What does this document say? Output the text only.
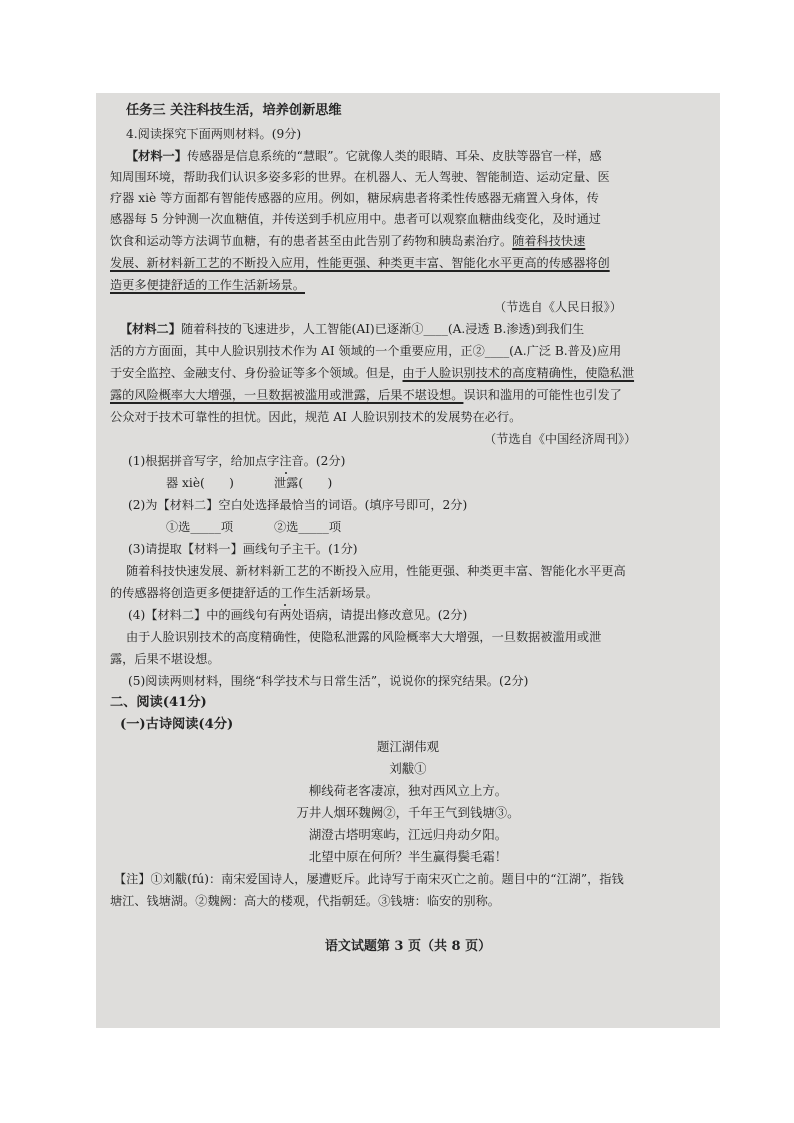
任务三 关注科技生活，培养创新思维
4.阅读探究下面两则材料。(9分)
【材料一】传感器是信息系统的“慧眼”。它就像人类的眼睛、耳朵、皮肤等器官一样，感
知周围环境，帮助我们认识多姿多彩的世界。在机器人、无人驾驶、智能制造、运动定量、医
疗器 xiè 等方面都有智能传感器的应用。例如，糖尿病患者将柔性传感器无痛置入身体，传
感器每 5 分钟测一次血糖值，并传送到手机应用中。患者可以观察血糖曲线变化，及时通过
饮食和运动等方法调节血糖，有的患者甚至由此告别了药物和胰岛素治疗。随着科技快速
发展、新材料新工艺的不断投入应用，性能更强、种类更丰富、智能化水平更高的传感器将创
造更多便捷舒适的工作生活新场景。
（节选自《人民日报》）
【材料二】随着科技的飞速进步，人工智能(AI)已逐渐①____(A.浸透 B.渗透)到我们生
活的方方面面，其中人脸识别技术作为 AI 领域的一个重要应用，正②____(A.广泛 B.普及)应用
于安全监控、金融支付、身份验证等多个领域。但是，由于人脸识别技术的高度精确性，使隐私泄
露的风险概率大大增强，一旦数据被滥用或泄露，后果不堪设想。误识和滥用的可能性也引发了
公众对于技术可靠性的担忧。因此，规范 AI 人脸识别技术的发展势在必行。
（节选自《中国经济周刊》）
(1)根据拼音写字，给加点字注音。(2分)
器 xiè(　　)	泄露(　　)
(2)为【材料二】空白处选择最恰当的词语。(填序号即可，2分)
①选_____项	②选_____项
(3)请提取【材料一】画线句子主干。(1分)
随着科技快速发展、新材料新工艺的不断投入应用，性能更强、种类更丰富、智能化水平更高
的传感器将创造更多便捷舒适的工作生活新场景。
(4)【材料二】中的画线句有两处语病，请提出修改意见。(2分)
由于人脸识别技术的高度精确性，使隐私泄露的风险概率大大增强，一旦数据被滥用或泄
露，后果不堪设想。
(5)阅读两则材料，围绕“科学技术与日常生活”，说说你的探究结果。(2分)
二、阅读(41分)
(一)古诗阅读(4分)
题江湖伟观
刘黻①
柳线荷老客凄凉，独对西风立上方。
万井人烟环魏阙②，千年王气到钱塘③。
湖澄古塔明寒屿，江远归舟动夕阳。
北望中原在何所？半生赢得鬓毛霜！
【注】①刘黻(fú)：南宋爱国诗人，屡遭贬斥。此诗写于南宋灭亡之前。题目中的“江湖”，指钱
塘江、钱塘湖。②魏阙：高大的楼观，代指朝廷。③钱塘：临安的别称。
语文试题第 3 页（共 8 页）
